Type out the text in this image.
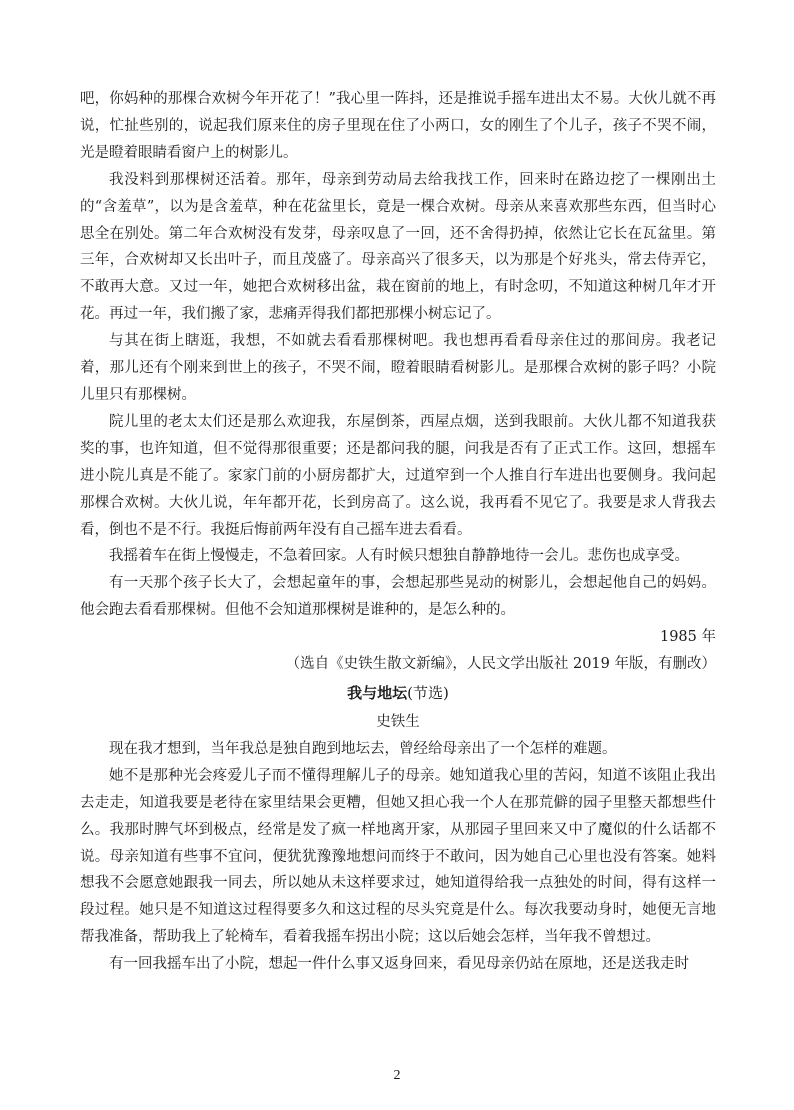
吧，你妈种的那棵合欢树今年开花了！”我心里一阵抖，还是推说手摇车进出太不易。大伙儿就不再说，忙扯些别的，说起我们原来住的房子里现在住了小两口，女的刚生了个儿子，孩子不哭不闹，光是瞪着眼睛看窗户上的树影儿。

我没料到那棵树还活着。那年，母亲到劳动局去给我找工作，回来时在路边挖了一棵刚出土的“含羞草”，以为是含羞草，种在花盆里长，竟是一棵合欢树。母亲从来喜欢那些东西，但当时心思全在别处。第二年合欢树没有发芽，母亲叹息了一回，还不舍得扔掉，依然让它长在瓦盆里。第三年，合欢树却又长出叶子，而且茂盛了。母亲高兴了很多天，以为那是个好兆头，常去侍弄它，不敢再大意。又过一年，她把合欢树移出盆，栽在窗前的地上，有时念叨，不知道这种树几年才开花。再过一年，我们搬了家，悲痛弄得我们都把那棵小树忘记了。

与其在街上瞎逛，我想，不如就去看看那棵树吧。我也想再看看母亲住过的那间房。我老记着，那儿还有个刚来到世上的孩子，不哭不闹，瞪着眼睛看树影儿。是那棵合欢树的影子吗？小院儿里只有那棵树。

院儿里的老太太们还是那么欢迎我，东屋倒茶，西屋点烟，送到我眼前。大伙儿都不知道我获奖的事，也许知道，但不觉得那很重要；还是都问我的腿，问我是否有了正式工作。这回，想摇车进小院儿真是不能了。家家门前的小厨房都扩大，过道窄到一个人推自行车进出也要侧身。我问起那棵合欢树。大伙儿说，年年都开花，长到房高了。这么说，我再看不见它了。我要是求人背我去看，倒也不是不行。我挺后悔前两年没有自己摇车进去看看。

我摇着车在街上慢慢走，不急着回家。人有时候只想独自静静地待一会儿。悲伤也成享受。

有一天那个孩子长大了，会想起童年的事，会想起那些晃动的树影儿，会想起他自己的妈妈。他会跑去看看那棵树。但他不会知道那棵树是谁种的，是怎么种的。

1985 年

（选自《史铁生散文新编》，人民文学出版社 2019 年版，有删改）

我与地坛(节选)

史铁生

现在我才想到，当年我总是独自跑到地坛去，曾经给母亲出了一个怎样的难题。

她不是那种光会疼爱儿子而不懂得理解儿子的母亲。她知道我心里的苦闷，知道不该阻止我出去走走，知道我要是老待在家里结果会更糟，但她又担心我一个人在那荒僻的园子里整天都想些什么。我那时脾气坏到极点，经常是发了疯一样地离开家，从那园子里回来又中了魔似的什么话都不说。母亲知道有些事不宜问，便犹犹豫豫地想问而终于不敢问，因为她自己心里也没有答案。她料想我不会愿意她跟我一同去，所以她从未这样要求过，她知道得给我一点独处的时间，得有这样一段过程。她只是不知道这过程得要多久和这过程的尽头究竟是什么。每次我要动身时，她便无言地帮我准备，帮助我上了轮椅车，看着我摇车拐出小院；这以后她会怎样，当年我不曾想过。

有一回我摇车出了小院，想起一件什么事又返身回来，看见母亲仍站在原地，还是送我走时

2
